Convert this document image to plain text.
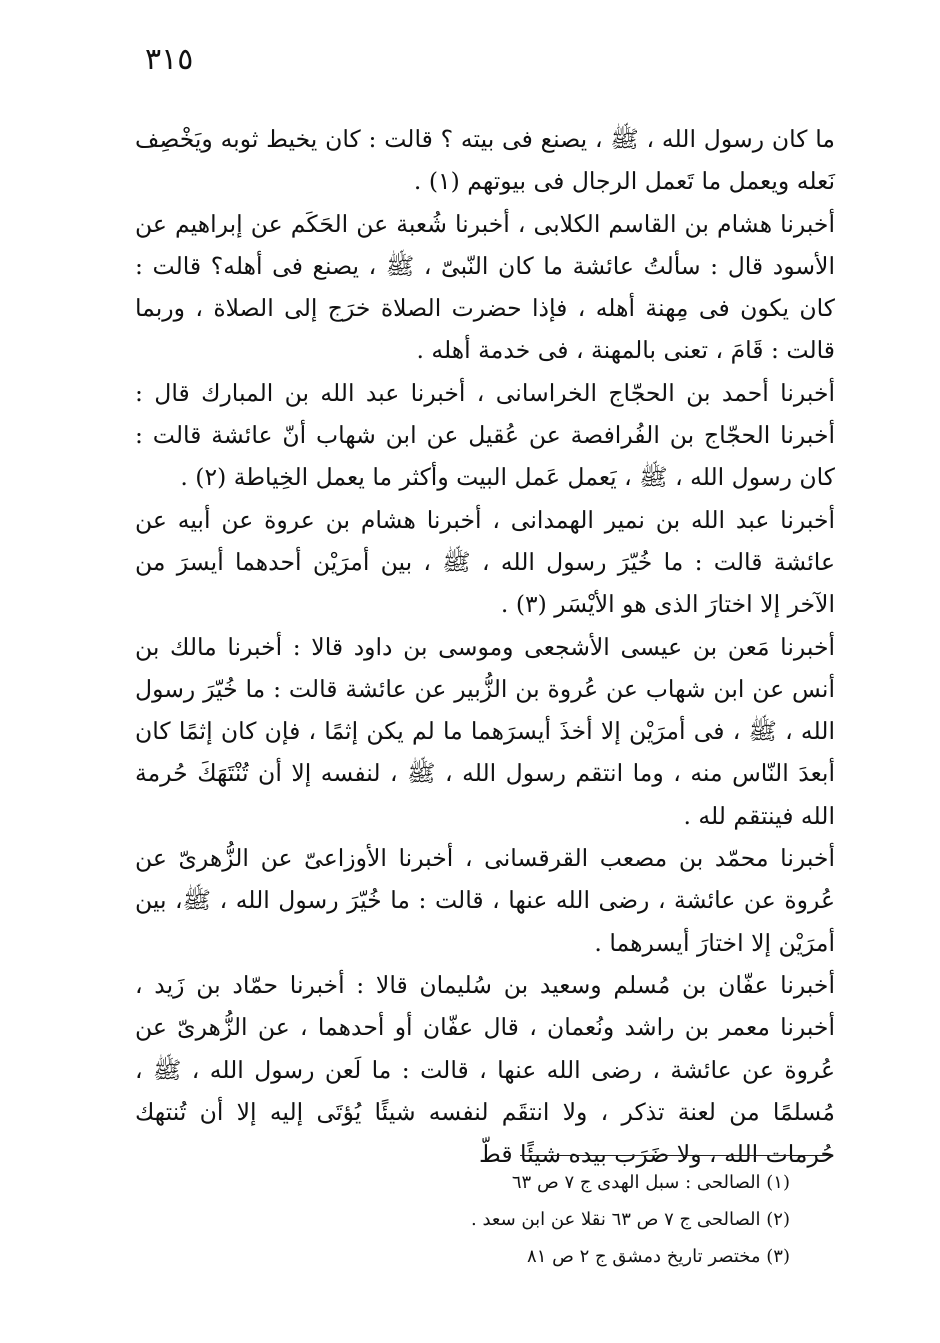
٣١٥

ما كان رسول الله ، ﷺ ، يصنع فى بيته ؟ قالت : كان يخيط ثوبه ويَخْصِف نَعله ويعمل ما تَعمل الرجال فى بيوتهم (١) .

أخبرنا هشام بن القاسم الكلابى ، أخبرنا شُعبة عن الحَكَم عن إبراهيم عن الأسود قال : سألتُ عائشة ما كان النّبىّ ، ﷺ ، يصنع فى أهله؟ قالت : كان يكون فى مِهنة أهله ، فإذا حضرت الصلاة خرَج إلى الصلاة ، وربما قالت : قَامَ ، تعنى بالمهنة ، فى خدمة أهله .

أخبرنا أحمد بن الحجّاج الخراسانى ، أخبرنا عبد الله بن المبارك قال : أخبرنا الحجّاج بن الفُرافصة عن عُقيل عن ابن شهاب أنّ عائشة قالت : كان رسول الله ، ﷺ ، يَعمل عَمل البيت وأكثر ما يعمل الخِياطة (٢) .

أخبرنا عبد الله بن نمير الهمدانى ، أخبرنا هشام بن عروة عن أبيه عن عائشة قالت : ما خُيّرَ رسول الله ، ﷺ ، بين أمرَيْن أحدهما أيسرَ من الآخر إلا اختارَ الذى هو الأيْسَر (٣) .

أخبرنا مَعن بن عيسى الأشجعى وموسى بن داود قالا : أخبرنا مالك بن أنس عن ابن شهاب عن عُروة بن الزُّبير عن عائشة قالت : ما خُيّرَ رسول الله ، ﷺ ، فى أمرَيْن إلا أخذَ أيسرَهما ما لم يكن إثمًا ، فإن كان إثمًا كان أبعدَ النّاس منه ، وما انتقم رسول الله ، ﷺ ، لنفسه إلا أن تُنْتَهَكَ حُرمة الله فينتقم لله .

أخبرنا محمّد بن مصعب القرقسانى ، أخبرنا الأوزاعىّ عن الزُّهرىّ عن عُروة عن عائشة ، رضى الله عنها ، قالت : ما خُيّرَ رسول الله ، ﷺ، بين أمرَيْن إلا اختارَ أيسرهما .

أخبرنا عفّان بن مُسلم وسعيد بن سُليمان قالا : أخبرنا حمّاد بن زَيد ، أخبرنا معمر بن راشد ونُعمان ، قال عفّان أو أحدهما ، عن الزُّهرىّ عن عُروة عن عائشة ، رضى الله عنها ، قالت : ما لَعن رسول الله ، ﷺ ، مُسلمًا من لعنة تذكر ، ولا انتقَم لنفسه شيئًا يُؤتَى إليه إلا أن تُنتهك حُرمات الله ، ولا ضَرَب بيده شيئًا قطّ

(١) الصالحى : سبل الهدى ج ٧ ص ٦٣

(٢) الصالحى ج ٧ ص ٦٣ نقلا عن ابن سعد .

(٣) مختصر تاريخ دمشق ج ٢ ص ٨١
